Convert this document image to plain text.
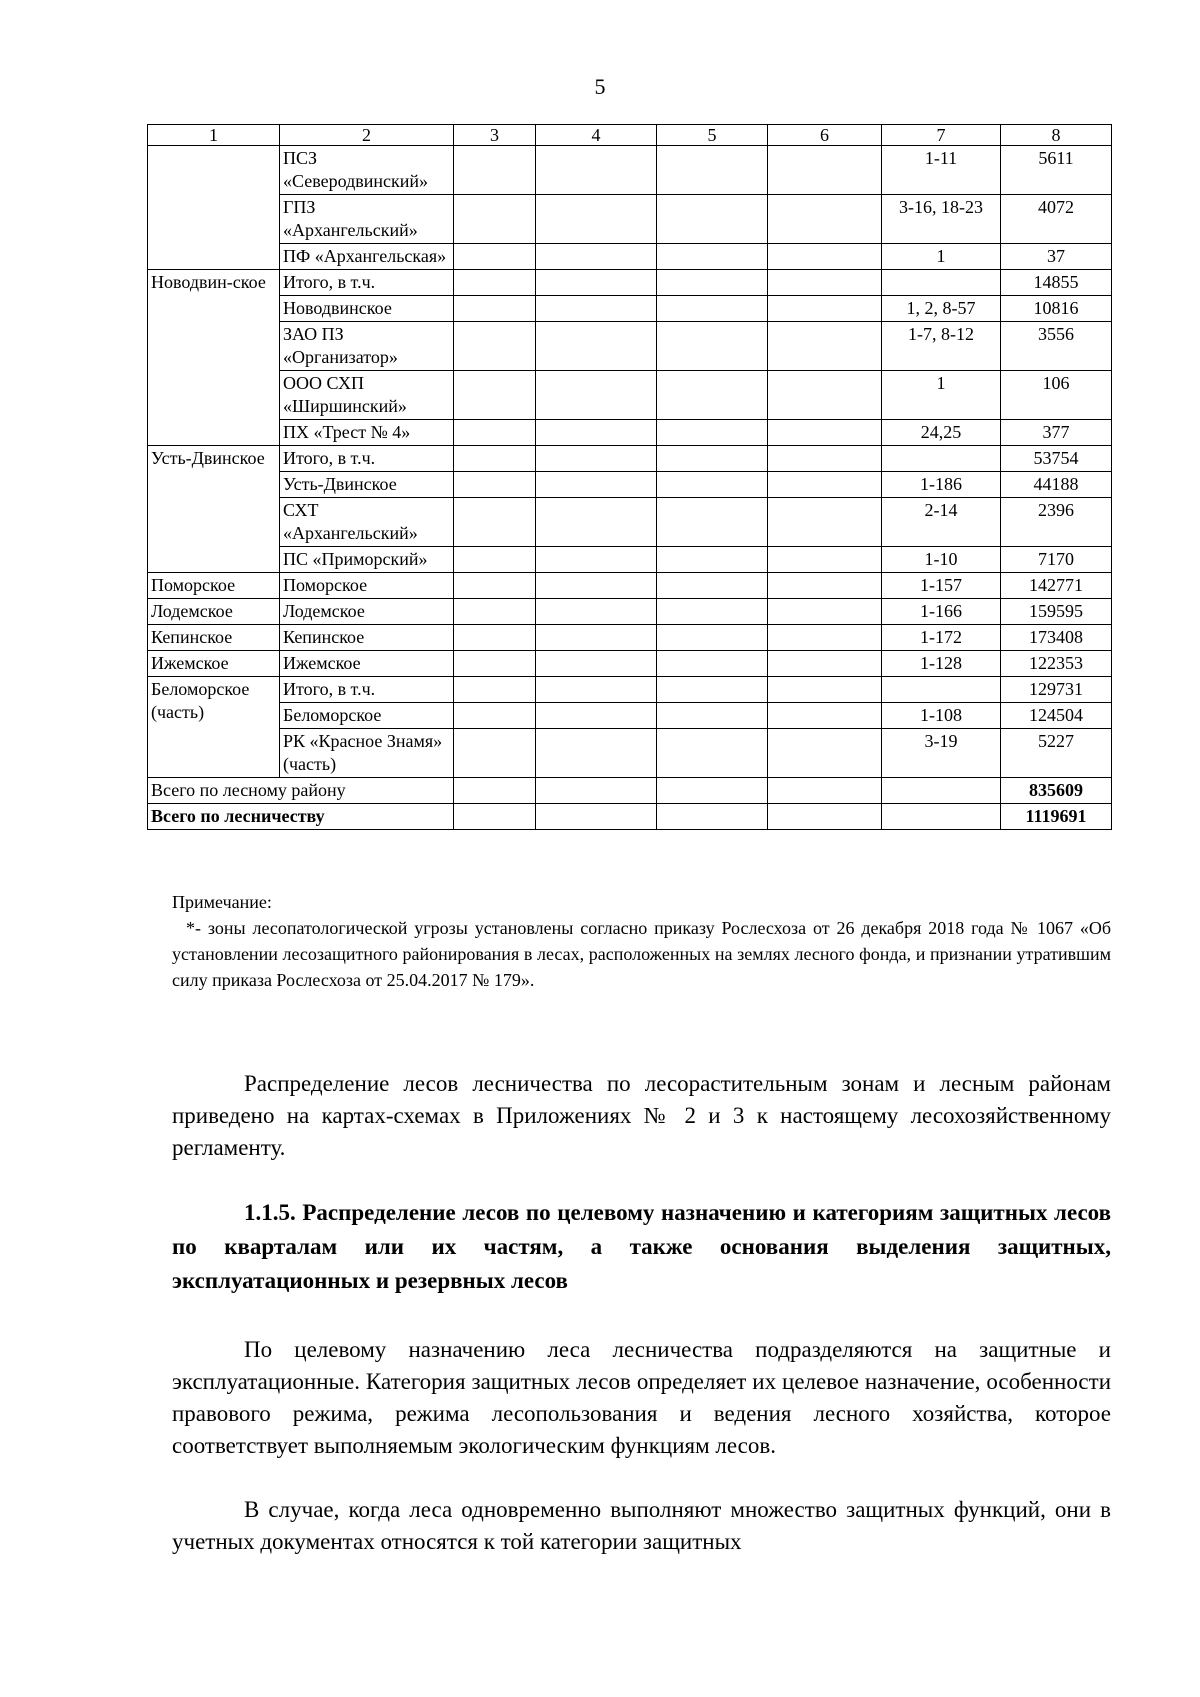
5
1	2	3	4	5	6	7	8
	ПСЗ «Северодвинский»					1-11	5611
	ГПЗ «Архангельский»					3-16, 18-23	4072
	ПФ «Архангельская»					1	37
Новодвин-ское	Итого, в т.ч.						14855
	Новодвинское					1, 2, 8-57	10816
	ЗАО ПЗ «Организатор»					1-7, 8-12	3556
	ООО СХП «Ширшинский»					1	106
	ПХ «Трест № 4»					24,25	377
Усть-Двинское	Итого, в т.ч.						53754
	Усть-Двинское					1-186	44188
	СХТ «Архангельский»					2-14	2396
	ПС «Приморский»					1-10	7170
Поморское	Поморское					1-157	142771
Лодемское	Лодемское					1-166	159595
Кепинское	Кепинское					1-172	173408
Ижемское	Ижемское					1-128	122353
Беломорское (часть)	Итого, в т.ч.						129731
	Беломорское					1-108	124504
	РК «Красное Знамя» (часть)					3-19	5227
Всего по лесному району							835609
Всего по лесничеству							1119691
Примечание:
*- зоны лесопатологической угрозы установлены согласно приказу Рослесхоза от 26 декабря 2018 года № 1067 «Об установлении лесозащитного районирования в лесах, расположенных на землях лесного фонда, и признании утратившим силу приказа Рослесхоза от 25.04.2017 № 179».

Распределение лесов лесничества по лесорастительным зонам и лесным районам приведено на картах-схемах в Приложениях № 2 и 3 к настоящему лесохозяйственному регламенту.

1.1.5. Распределение лесов по целевому назначению и категориям защитных лесов по кварталам или их частям, а также основания выделения защитных, эксплуатационных и резервных лесов

По целевому назначению леса лесничества подразделяются на защитные и эксплуатационные. Категория защитных лесов определяет их целевое назначение, особенности правового режима, режима лесопользования и ведения лесного хозяйства, которое соответствует выполняемым экологическим функциям лесов.

В случае, когда леса одновременно выполняют множество защитных функций, они в учетных документах относятся к той категории защитных
